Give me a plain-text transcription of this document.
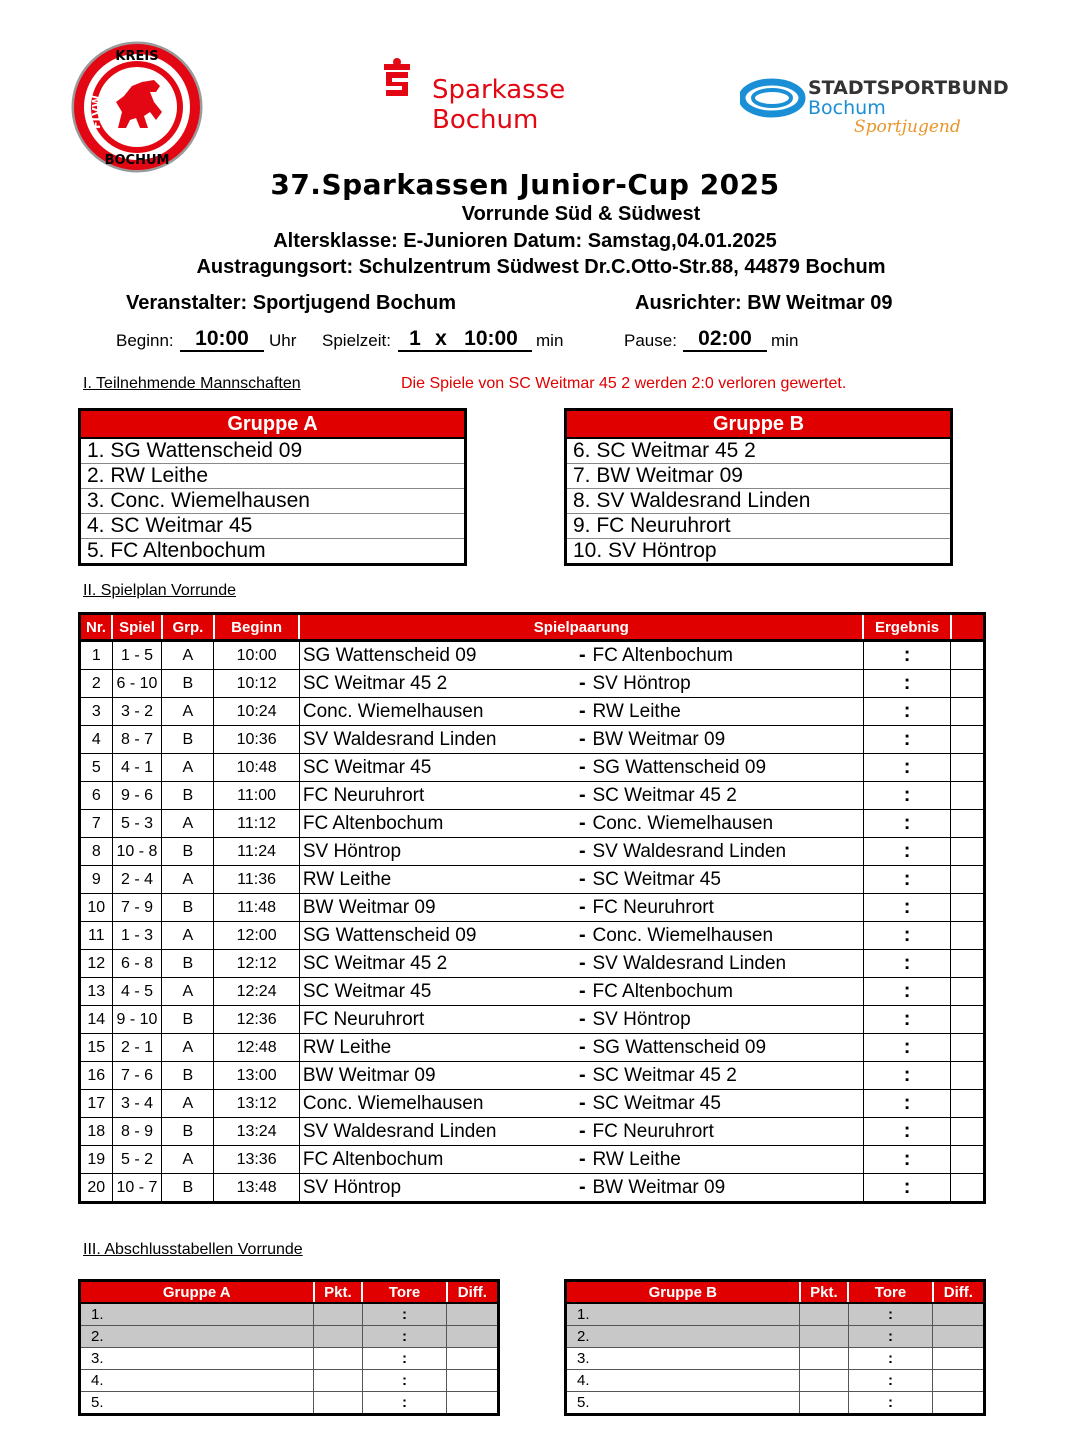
KREIS
FLVW
BOCHUM
Sparkasse
Bochum
STADTSPORTBUND
Bochum
Sportjugend
37.Sparkassen Junior-Cup 2025
Vorrunde Süd & Südwest
Altersklasse: E-Junioren Datum: Samstag,04.01.2025
Austragungsort: Schulzentrum Südwest Dr.C.Otto-Str.88, 44879 Bochum
Veranstalter: Sportjugend Bochum	Ausrichter: BW Weitmar 09
Beginn:	10:00	Uhr Spielzeit: 1 x 10:00	min	Pause:	02:00	min
I. Teilnehmende Mannschaften	Die Spiele von SC Weitmar 45 2 werden 2:0 verloren gewertet.
Gruppe A
1. SG Wattenscheid 09
2. RW Leithe
3. Conc. Wiemelhausen
4. SC Weitmar 45
5. FC Altenbochum
Gruppe B
6. SC Weitmar 45 2
7. BW Weitmar 09
8. SV Waldesrand Linden
9. FC Neuruhrort
10. SV Höntrop
II. Spielplan Vorrunde
Nr.	Spiel	Grp.	Beginn	Spielpaarung			Ergebnis	
1	1 - 5	A	10:00	SG Wattenscheid 09	-	FC Altenbochum	:	
2	6 - 10	B	10:12	SC Weitmar 45 2	-	SV Höntrop	:	
3	3 - 2	A	10:24	Conc. Wiemelhausen	-	RW Leithe	:	
4	8 - 7	B	10:36	SV Waldesrand Linden	-	BW Weitmar 09	:	
5	4 - 1	A	10:48	SC Weitmar 45	-	SG Wattenscheid 09	:	
6	9 - 6	B	11:00	FC Neuruhrort	-	SC Weitmar 45 2	:	
7	5 - 3	A	11:12	FC Altenbochum	-	Conc. Wiemelhausen	:	
8	10 - 8	B	11:24	SV Höntrop	-	SV Waldesrand Linden	:	
9	2 - 4	A	11:36	RW Leithe	-	SC Weitmar 45	:	
10	7 - 9	B	11:48	BW Weitmar 09	-	FC Neuruhrort	:	
11	1 - 3	A	12:00	SG Wattenscheid 09	-	Conc. Wiemelhausen	:	
12	6 - 8	B	12:12	SC Weitmar 45 2	-	SV Waldesrand Linden	:	
13	4 - 5	A	12:24	SC Weitmar 45	-	FC Altenbochum	:	
14	9 - 10	B	12:36	FC Neuruhrort	-	SV Höntrop	:	
15	2 - 1	A	12:48	RW Leithe	-	SG Wattenscheid 09	:	
16	7 - 6	B	13:00	BW Weitmar 09	-	SC Weitmar 45 2	:	
17	3 - 4	A	13:12	Conc. Wiemelhausen	-	SC Weitmar 45	:	
18	8 - 9	B	13:24	SV Waldesrand Linden	-	FC Neuruhrort	:	
19	5 - 2	A	13:36	FC Altenbochum	-	RW Leithe	:	
20	10 - 7	B	13:48	SV Höntrop	-	BW Weitmar 09	:	
III. Abschlusstabellen Vorrunde
Gruppe A	Pkt.	Tore	Diff.
1.		:	
2.		:	
3.		:	
4.		:	
5.		:	
Gruppe B	Pkt.	Tore	Diff.
1.		:	
2.		:	
3.		:	
4.		:	
5.		:	
